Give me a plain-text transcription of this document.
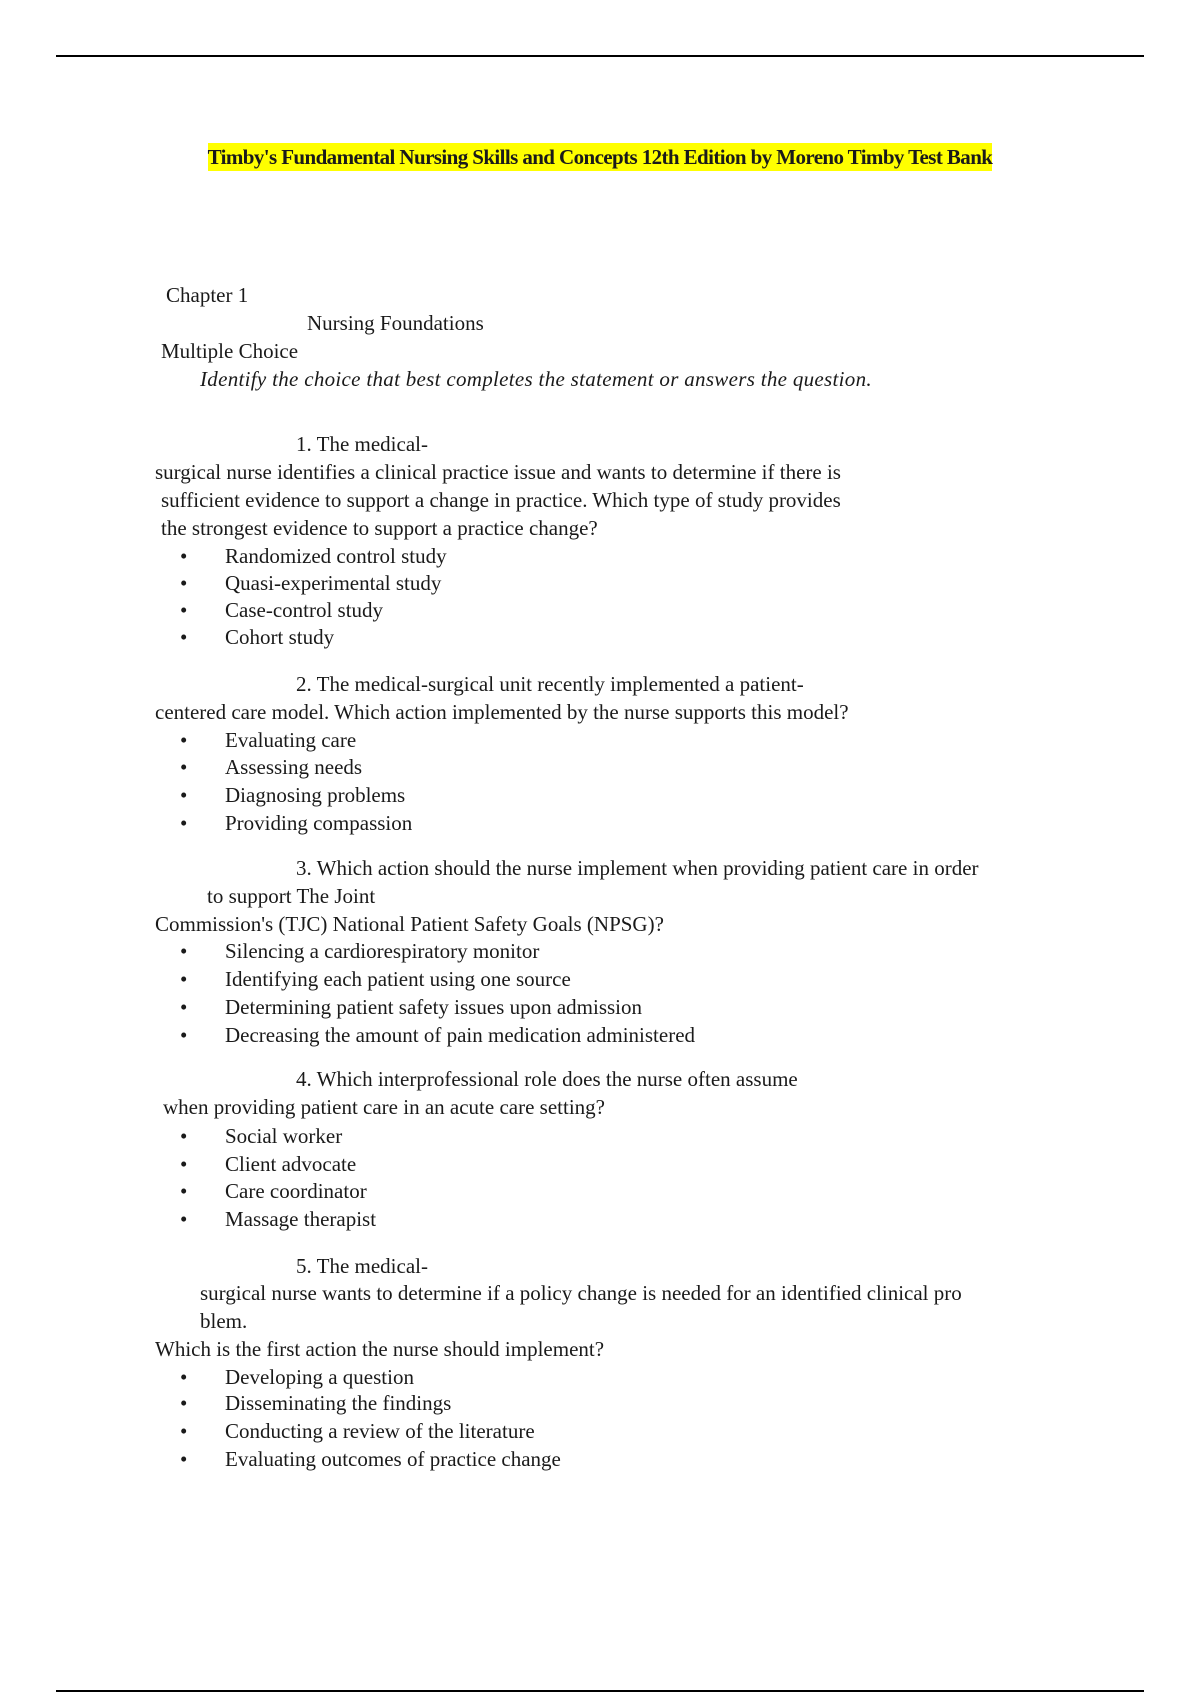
Timby's Fundamental Nursing Skills and Concepts 12th Edition by Moreno Timby Test Bank
Chapter 1
Nursing Foundations
Multiple Choice
Identify the choice that best completes the statement or answers the question.
1. The medical-
surgical nurse identifies a clinical practice issue and wants to determine if there is
sufficient evidence to support a change in practice. Which type of study provides
the strongest evidence to support a practice change?
• Randomized control study
• Quasi-experimental study
• Case-control study
• Cohort study
2. The medical-surgical unit recently implemented a patient-
centered care model. Which action implemented by the nurse supports this model?
• Evaluating care
• Assessing needs
• Diagnosing problems
• Providing compassion
3. Which action should the nurse implement when providing patient care in order
to support The Joint
Commission's (TJC) National Patient Safety Goals (NPSG)?
• Silencing a cardiorespiratory monitor
• Identifying each patient using one source
• Determining patient safety issues upon admission
• Decreasing the amount of pain medication administered
4. Which interprofessional role does the nurse often assume
when providing patient care in an acute care setting?
• Social worker
• Client advocate
• Care coordinator
• Massage therapist
5. The medical-
surgical nurse wants to determine if a policy change is needed for an identified clinical pro
blem.
Which is the first action the nurse should implement?
• Developing a question
• Disseminating the findings
• Conducting a review of the literature
• Evaluating outcomes of practice change
